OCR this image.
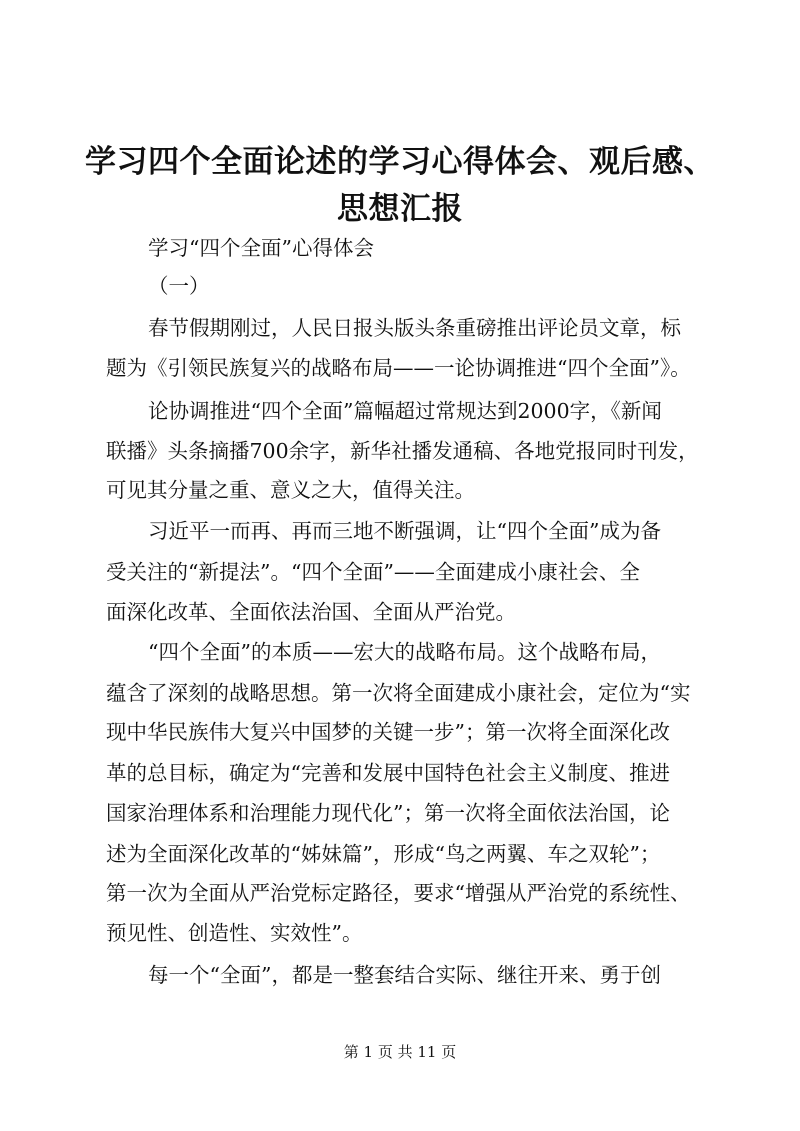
学习四个全面论述的学习心得体会、观后感、
思想汇报

学习“四个全面”心得体会

（一）

春节假期刚过，人民日报头版头条重磅推出评论员文章，标

题为《引领民族复兴的战略布局——一论协调推进“四个全面”》。

论协调推进“四个全面”篇幅超过常规达到2000字，《新闻

联播》头条摘播700余字，新华社播发通稿、各地党报同时刊发，

可见其分量之重、意义之大，值得关注。

习近平一而再、再而三地不断强调，让“四个全面”成为备

受关注的“新提法”。“四个全面”——全面建成小康社会、全

面深化改革、全面依法治国、全面从严治党。

“四个全面”的本质——宏大的战略布局。这个战略布局，

蕴含了深刻的战略思想。第一次将全面建成小康社会，定位为“实

现中华民族伟大复兴中国梦的关键一步”；第一次将全面深化改

革的总目标，确定为“完善和发展中国特色社会主义制度、推进

国家治理体系和治理能力现代化”；第一次将全面依法治国，论

述为全面深化改革的“姊妹篇”，形成“鸟之两翼、车之双轮”；

第一次为全面从严治党标定路径，要求“增强从严治党的系统性、

预见性、创造性、实效性”。

每一个“全面”，都是一整套结合实际、继往开来、勇于创

第 1 页 共 11 页
